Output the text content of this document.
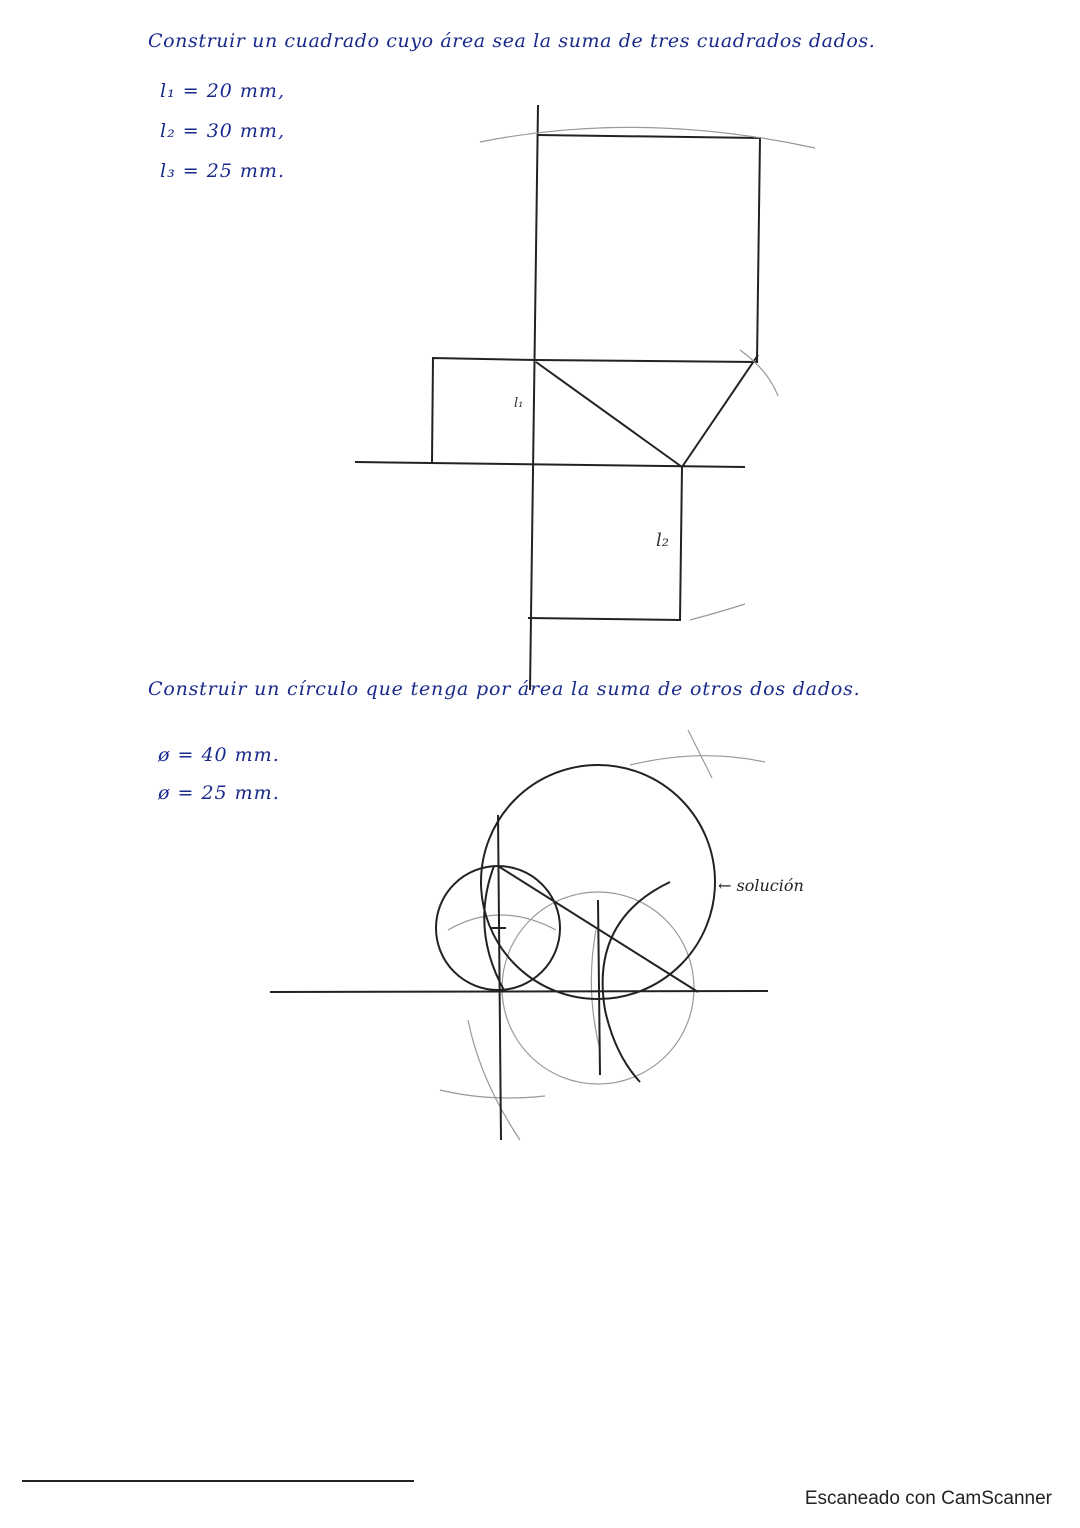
Construir un cuadrado cuyo área sea la suma de tres cuadrados dados.
l₁ = 20 mm,
l₂ = 30 mm,
l₃ = 25 mm.
l₁
l₂
Construir un círculo que tenga por área la suma de otros dos dados.
ø = 40 mm.
ø = 25 mm.
← solución
Escaneado con CamScanner
